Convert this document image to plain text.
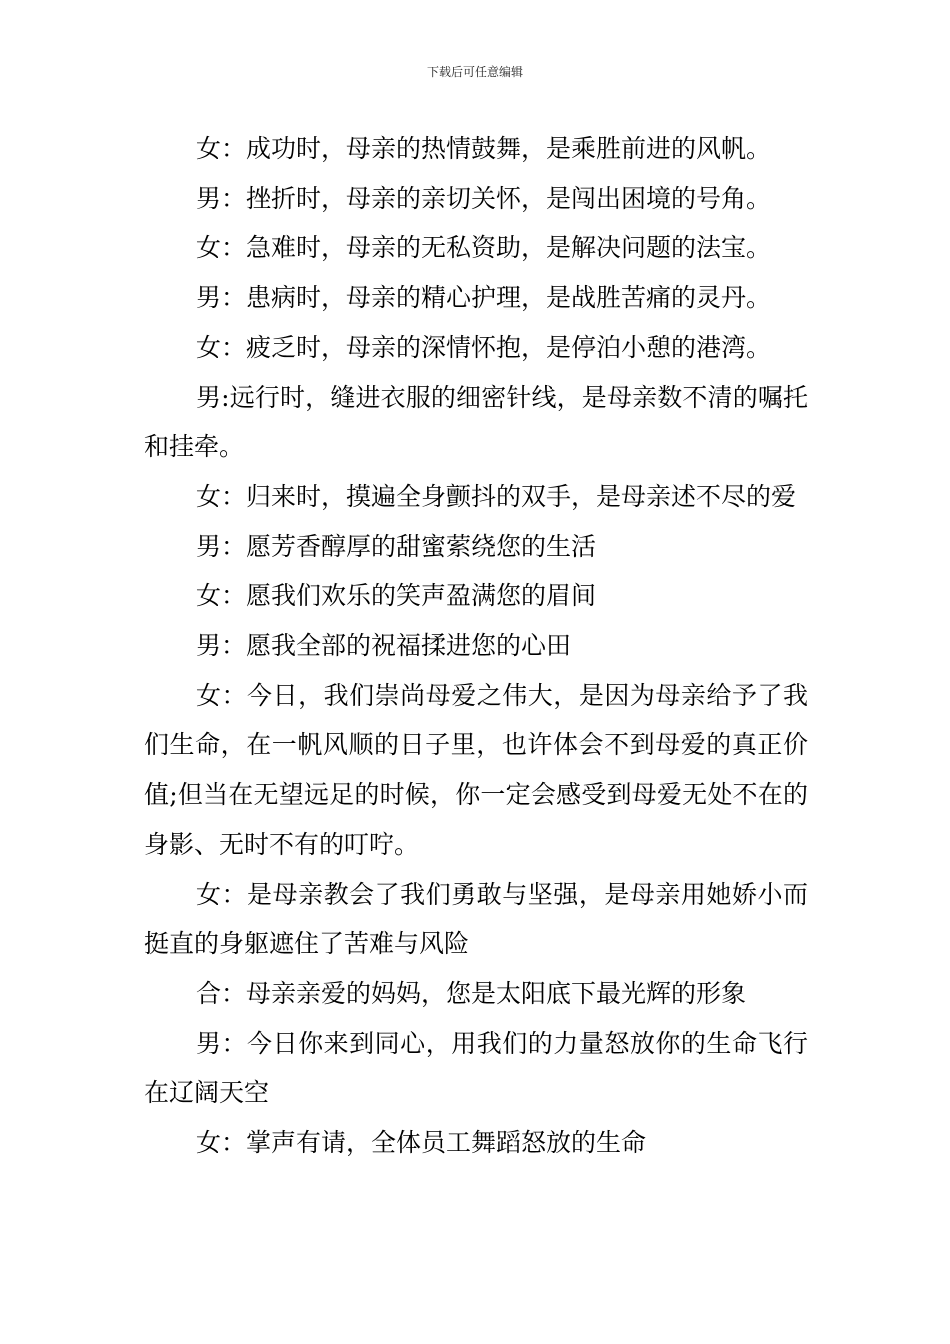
下载后可任意编辑

女：成功时，母亲的热情鼓舞，是乘胜前进的风帆。

男：挫折时，母亲的亲切关怀，是闯出困境的号角。

女：急难时，母亲的无私资助，是解决问题的法宝。

男：患病时，母亲的精心护理，是战胜苦痛的灵丹。

女：疲乏时，母亲的深情怀抱，是停泊小憩的港湾。

男:远行时，缝进衣服的细密针线，是母亲数不清的嘱托和挂牵。

女：归来时，摸遍全身颤抖的双手，是母亲述不尽的爱

男：愿芳香醇厚的甜蜜萦绕您的生活

女：愿我们欢乐的笑声盈满您的眉间

男：愿我全部的祝福揉进您的心田

女：今日，我们崇尚母爱之伟大，是因为母亲给予了我们生命，在一帆风顺的日子里，也许体会不到母爱的真正价值;但当在无望远足的时候，你一定会感受到母爱无处不在的身影、无时不有的叮咛。

女：是母亲教会了我们勇敢与坚强，是母亲用她娇小而挺直的身躯遮住了苦难与风险

合：母亲亲爱的妈妈，您是太阳底下最光辉的形象

男：今日你来到同心，用我们的力量怒放你的生命飞行在辽阔天空

女：掌声有请，全体员工舞蹈怒放的生命
